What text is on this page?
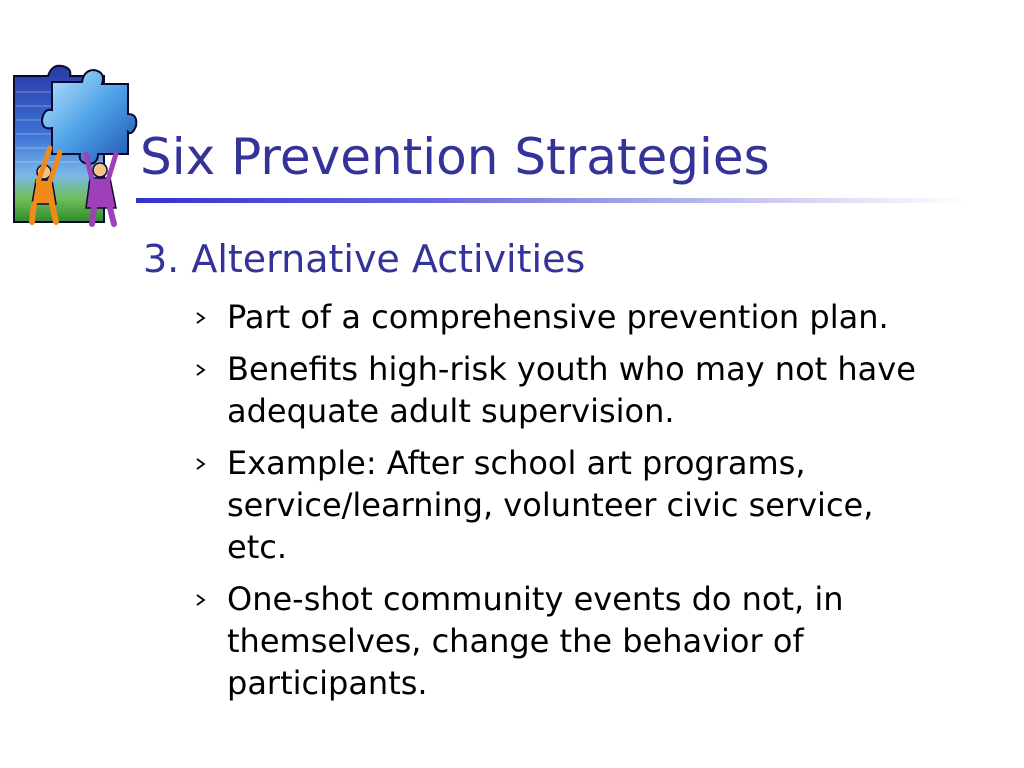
Six Prevention Strategies
3. Alternative Activities
Part of a comprehensive prevention plan.
Benefits high-risk youth who may not have
adequate adult supervision.
Example: After school art programs,
service/learning, volunteer civic service,
etc.
One-shot community events do not, in
themselves, change the behavior of
participants.
